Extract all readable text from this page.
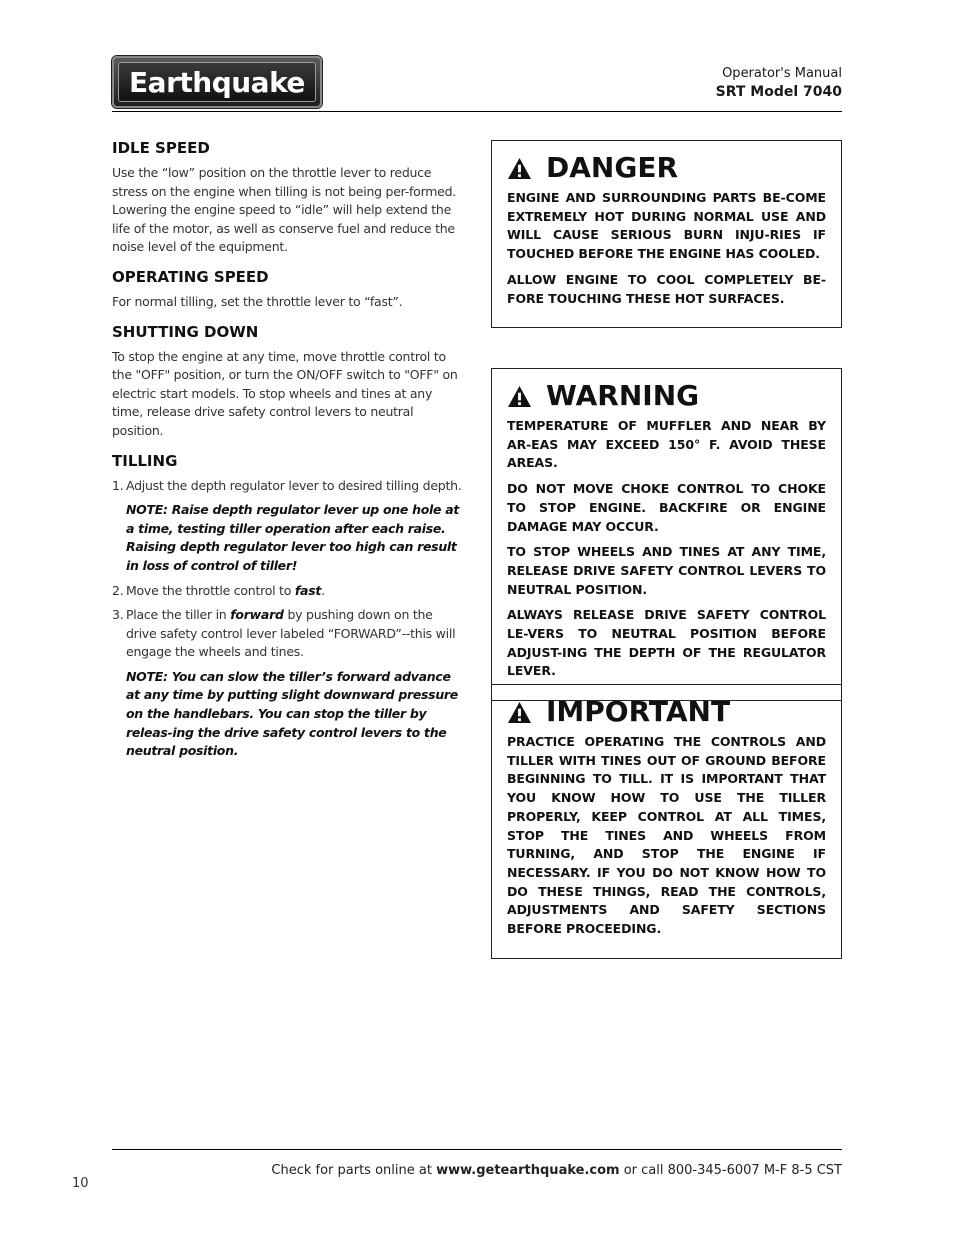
Earthquake	Operator's Manual
SRT Model 7040
IDLE SPEED

Use the “low” position on the throttle lever to reduce stress on the engine when tilling is not being per-formed. Lowering the engine speed to “idle” will help extend the life of the motor, as well as conserve fuel and reduce the noise level of the equipment.

OPERATING SPEED

For normal tilling, set the throttle lever to “fast”.

SHUTTING DOWN

To stop the engine at any time, move throttle control to the "OFF" position, or turn the ON/OFF switch to "OFF" on electric start models. To stop wheels and tines at any time, release drive safety control levers to neutral position.

TILLING
1. Adjust the depth regulator lever to desired tilling depth.

NOTE: Raise depth regulator lever up one hole at a time, testing tiller operation after each raise. Raising depth regulator lever too high can result in loss of control of tiller!

2. Move the throttle control to fast.
3. Place the tiller in forward by pushing down on the drive safety control lever labeled “FORWARD”--this will engage the wheels and tines.

NOTE: You can slow the tiller’s forward advance at any time by putting slight downward pressure on the handlebars. You can stop the tiller by releas-ing the drive safety control levers to the neutral position.

DANGER

ENGINE AND SURROUNDING PARTS BE-COME EXTREMELY HOT DURING NORMAL USE AND WILL CAUSE SERIOUS BURN INJU-RIES IF TOUCHED BEFORE THE ENGINE HAS COOLED.

ALLOW ENGINE TO COOL COMPLETELY BE-FORE TOUCHING THESE HOT SURFACES.

WARNING

TEMPERATURE OF MUFFLER AND NEAR BY AR-EAS MAY EXCEED 150° F. AVOID THESE AREAS.

DO NOT MOVE CHOKE CONTROL TO CHOKE TO STOP ENGINE. BACKFIRE OR ENGINE DAMAGE MAY OCCUR.

TO STOP WHEELS AND TINES AT ANY TIME, RELEASE DRIVE SAFETY CONTROL LEVERS TO NEUTRAL POSITION.

ALWAYS RELEASE DRIVE SAFETY CONTROL LE-VERS TO NEUTRAL POSITION BEFORE ADJUST-ING THE DEPTH OF THE REGULATOR LEVER.

IMPORTANT

PRACTICE OPERATING THE CONTROLS AND TILLER WITH TINES OUT OF GROUND BEFORE BEGINNING TO TILL. IT IS IMPORTANT THAT YOU KNOW HOW TO USE THE TILLER PROPERLY, KEEP CONTROL AT ALL TIMES, STOP THE TINES AND WHEELS FROM TURNING, AND STOP THE ENGINE IF NECESSARY. IF YOU DO NOT KNOW HOW TO DO THESE THINGS, READ THE CONTROLS, ADJUSTMENTS AND SAFETY SECTIONS BEFORE PROCEEDING.

Check for parts online at www.getearthquake.com or call 800-345-6007 M-F 8-5 CST
10
